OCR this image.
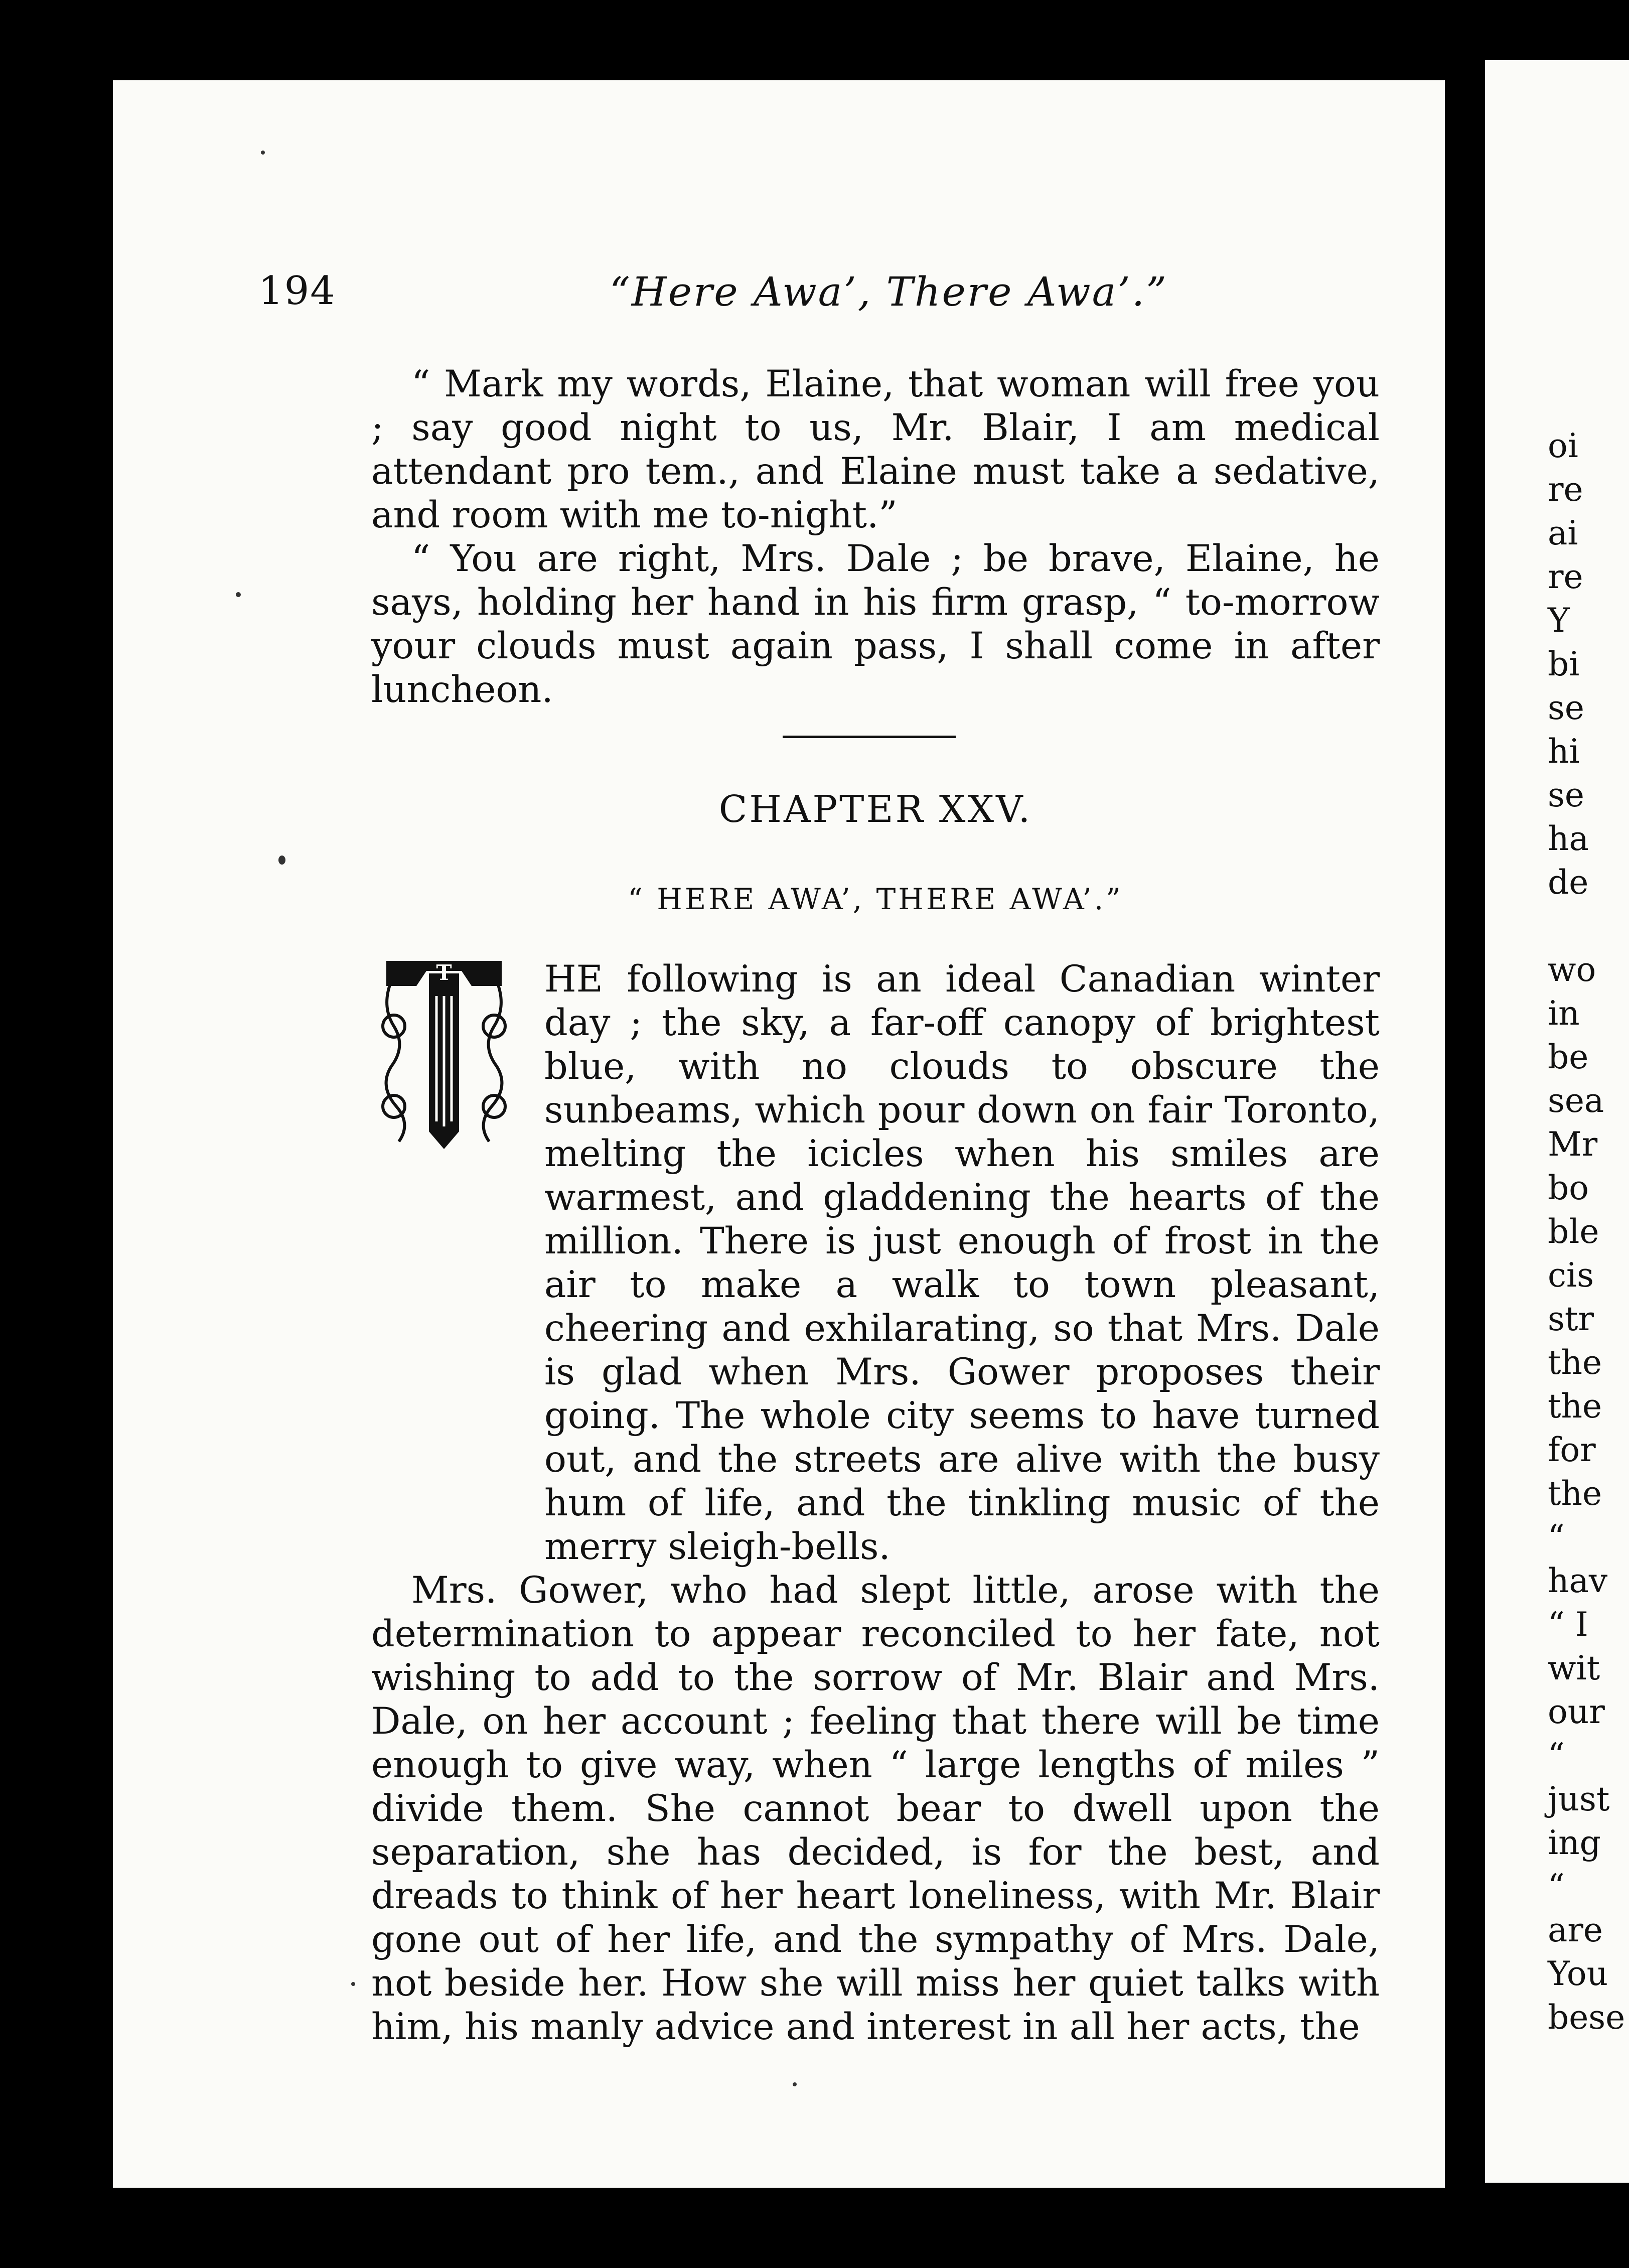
oi
re
ai
re
Y
bi
se
hi
se
ha
de

wo
in
be
sea
Mr
bo
ble
cis
str
the
the
for
the
“
hav
“ I
wit
our
“
just
ing
“
are
You
bese
194	“Here Awa’, There Awa’.”

“ Mark my words, Elaine, that woman will free you ; say good night to us, Mr. Blair, I am medical attendant pro tem., and Elaine must take a sedative, and room with me to-night.”

“ You are right, Mrs. Dale ; be brave, Elaine, he says, holding her hand in his firm grasp, “ to-morrow your clouds must again pass, I shall come in after luncheon.

CHAPTER XXV.
“ HERE AWA’, THERE AWA’.”
T	HE following is an ideal Canadian winter day ; the sky, a far-off canopy of brightest blue, with no clouds to obscure the sunbeams, which pour down on fair Toronto, melting the icicles when his smiles are warmest, and gladdening the hearts of the million. There is just enough of frost in the air to make a walk to town pleasant, cheering and exhilarating, so that Mrs. Dale is glad when Mrs. Gower proposes their going. The whole city seems to have turned out, and the streets are alive with the busy hum of life, and the tinkling music of the merry sleigh-bells.

Mrs. Gower, who had slept little, arose with the determination to appear reconciled to her fate, not wishing to add to the sorrow of Mr. Blair and Mrs. Dale, on her account ; feeling that there will be time enough to give way, when “ large lengths of miles ” divide them. She cannot bear to dwell upon the separation, she has decided, is for the best, and dreads to think of her heart loneliness, with Mr. Blair gone out of her life, and the sympathy of Mrs. Dale, not beside her. How she will miss her quiet talks with him, his manly advice and interest in all her acts, the
